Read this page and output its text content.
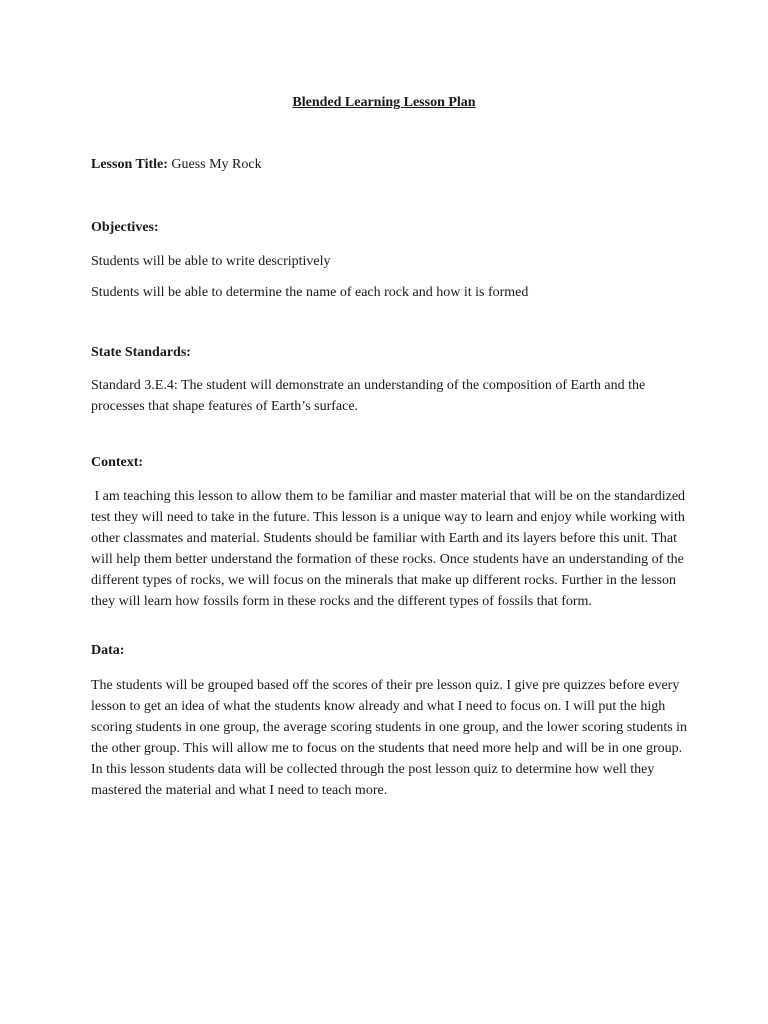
Blended Learning Lesson Plan
Lesson Title: Guess My Rock
Objectives:

Students will be able to write descriptively

Students will be able to determine the name of each rock and how it is formed

State Standards:

Standard 3.E.4: The student will demonstrate an understanding of the composition of Earth and the processes that shape features of Earth’s surface.

Context:

I am teaching this lesson to allow them to be familiar and master material that will be on the standardized test they will need to take in the future. This lesson is a unique way to learn and enjoy while working with other classmates and material. Students should be familiar with Earth and its layers before this unit. That will help them better understand the formation of these rocks. Once students have an understanding of the different types of rocks, we will focus on the minerals that make up different rocks. Further in the lesson they will learn how fossils form in these rocks and the different types of fossils that form.

Data:

The students will be grouped based off the scores of their pre lesson quiz. I give pre quizzes before every lesson to get an idea of what the students know already and what I need to focus on. I will put the high scoring students in one group, the average scoring students in one group, and the lower scoring students in the other group. This will allow me to focus on the students that need more help and will be in one group. In this lesson students data will be collected through the post lesson quiz to determine how well they mastered the material and what I need to teach more.
